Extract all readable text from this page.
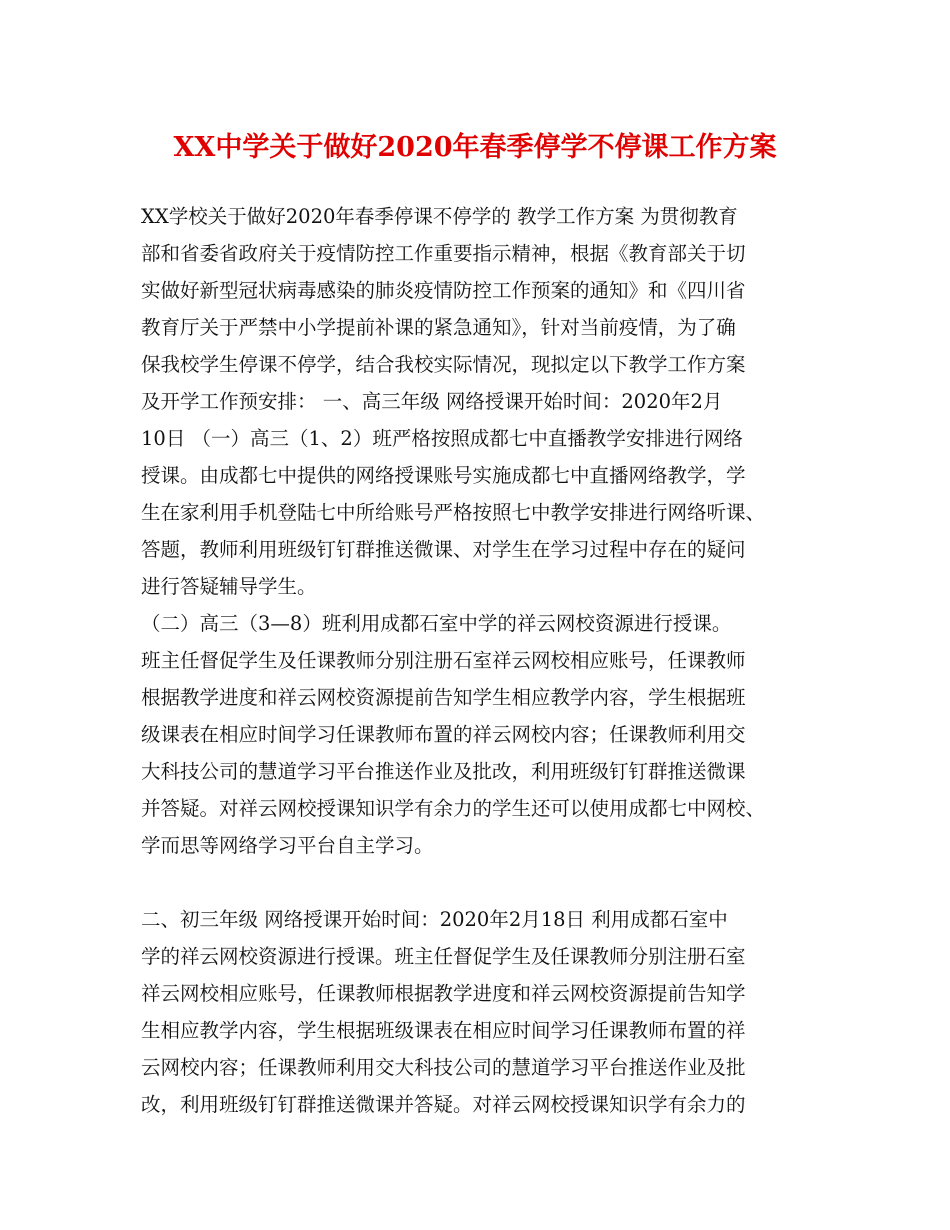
XX中学关于做好2020年春季停学不停课工作方案
XX学校关于做好2020年春季停课不停学的 教学工作方案 为贯彻教育
部和省委省政府关于疫情防控工作重要指示精神，根据《教育部关于切
实做好新型冠状病毒感染的肺炎疫情防控工作预案的通知》和《四川省
教育厅关于严禁中小学提前补课的紧急通知》，针对当前疫情，为了确
保我校学生停课不停学，结合我校实际情况，现拟定以下教学工作方案
及开学工作预安排： 一、高三年级 网络授课开始时间：2020年2月
10日 （一）高三（1、2）班严格按照成都七中直播教学安排进行网络
授课。由成都七中提供的网络授课账号实施成都七中直播网络教学，学
生在家利用手机登陆七中所给账号严格按照七中教学安排进行网络听课、
答题，教师利用班级钉钉群推送微课、对学生在学习过程中存在的疑问
进行答疑辅导学生。
（二）高三（3—8）班利用成都石室中学的祥云网校资源进行授课。
班主任督促学生及任课教师分别注册石室祥云网校相应账号，任课教师
根据教学进度和祥云网校资源提前告知学生相应教学内容，学生根据班
级课表在相应时间学习任课教师布置的祥云网校内容；任课教师利用交
大科技公司的慧道学习平台推送作业及批改，利用班级钉钉群推送微课
并答疑。对祥云网校授课知识学有余力的学生还可以使用成都七中网校、
学而思等网络学习平台自主学习。
二、初三年级 网络授课开始时间：2020年2月18日 利用成都石室中
学的祥云网校资源进行授课。班主任督促学生及任课教师分别注册石室
祥云网校相应账号，任课教师根据教学进度和祥云网校资源提前告知学
生相应教学内容，学生根据班级课表在相应时间学习任课教师布置的祥
云网校内容；任课教师利用交大科技公司的慧道学习平台推送作业及批
改，利用班级钉钉群推送微课并答疑。对祥云网校授课知识学有余力的
